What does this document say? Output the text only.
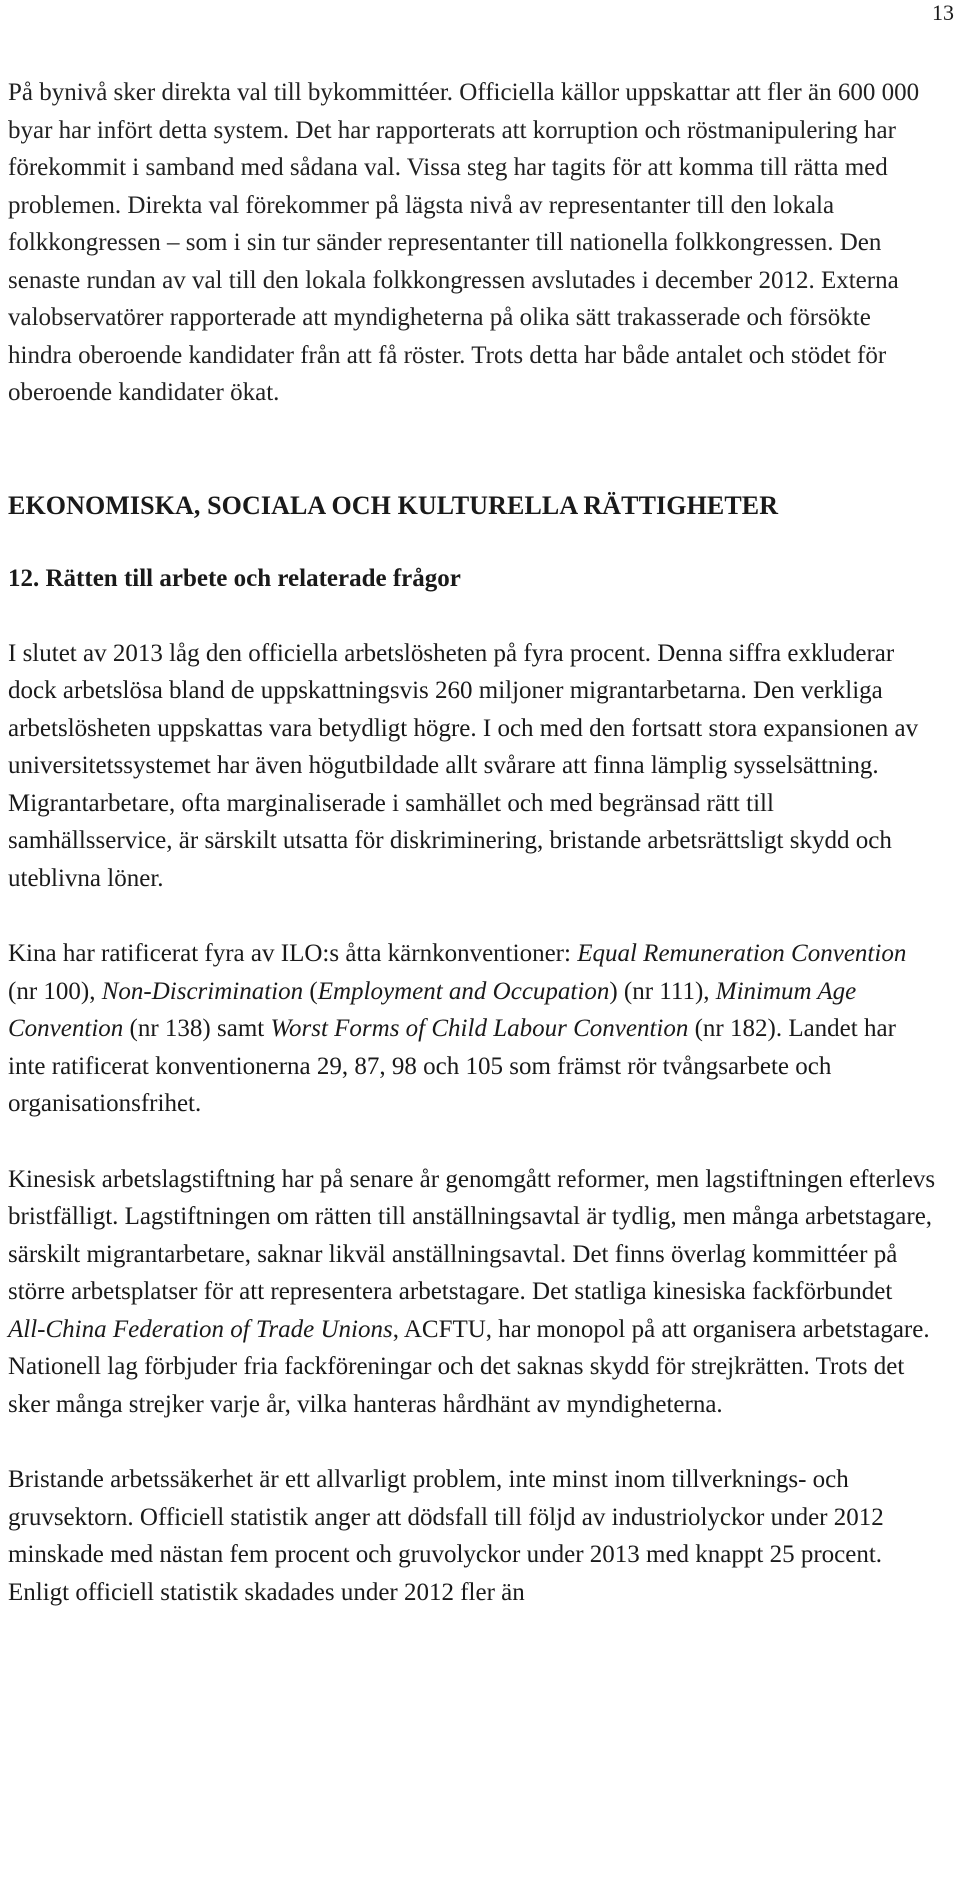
13

På bynivå sker direkta val till bykommittéer. Officiella källor uppskattar att fler än 600 000 byar har infört detta system. Det har rapporterats att korruption och röstmanipulering har förekommit i samband med sådana val. Vissa steg har tagits för att komma till rätta med problemen. Direkta val förekommer på lägsta nivå av representanter till den lokala folkkongressen – som i sin tur sänder representanter till nationella folkkongressen. Den senaste rundan av val till den lokala folkkongressen avslutades i december 2012. Externa valobservatörer rapporterade att myndigheterna på olika sätt trakasserade och försökte hindra oberoende kandidater från att få röster. Trots detta har både antalet och stödet för oberoende kandidater ökat.

EKONOMISKA, SOCIALA OCH KULTURELLA RÄTTIGHETER
12. Rätten till arbete och relaterade frågor

I slutet av 2013 låg den officiella arbetslösheten på fyra procent. Denna siffra exkluderar dock arbetslösa bland de uppskattningsvis 260 miljoner migrantarbetarna. Den verkliga arbetslösheten uppskattas vara betydligt högre. I och med den fortsatt stora expansionen av universitetssystemet har även högutbildade allt svårare att finna lämplig sysselsättning. Migrantarbetare, ofta marginaliserade i samhället och med begränsad rätt till samhällsservice, är särskilt utsatta för diskriminering, bristande arbetsrättsligt skydd och uteblivna löner.

Kina har ratificerat fyra av ILO:s åtta kärnkonventioner: Equal Remuneration Convention (nr 100), Non-Discrimination (Employment and Occupation) (nr 111), Minimum Age Convention (nr 138) samt Worst Forms of Child Labour Convention (nr 182). Landet har inte ratificerat konventionerna 29, 87, 98 och 105 som främst rör tvångsarbete och organisationsfrihet.

Kinesisk arbetslagstiftning har på senare år genomgått reformer, men lagstiftningen efterlevs bristfälligt. Lagstiftningen om rätten till anställningsavtal är tydlig, men många arbetstagare, särskilt migrantarbetare, saknar likväl anställningsavtal. Det finns överlag kommittéer på större arbetsplatser för att representera arbetstagare. Det statliga kinesiska fackförbundet All-China Federation of Trade Unions, ACFTU, har monopol på att organisera arbetstagare. Nationell lag förbjuder fria fackföreningar och det saknas skydd för strejkrätten. Trots det sker många strejker varje år, vilka hanteras hårdhänt av myndigheterna.

Bristande arbetssäkerhet är ett allvarligt problem, inte minst inom tillverknings- och gruvsektorn. Officiell statistik anger att dödsfall till följd av industriolyckor under 2012 minskade med nästan fem procent och gruvolyckor under 2013 med knappt 25 procent. Enligt officiell statistik skadades under 2012 fler än
